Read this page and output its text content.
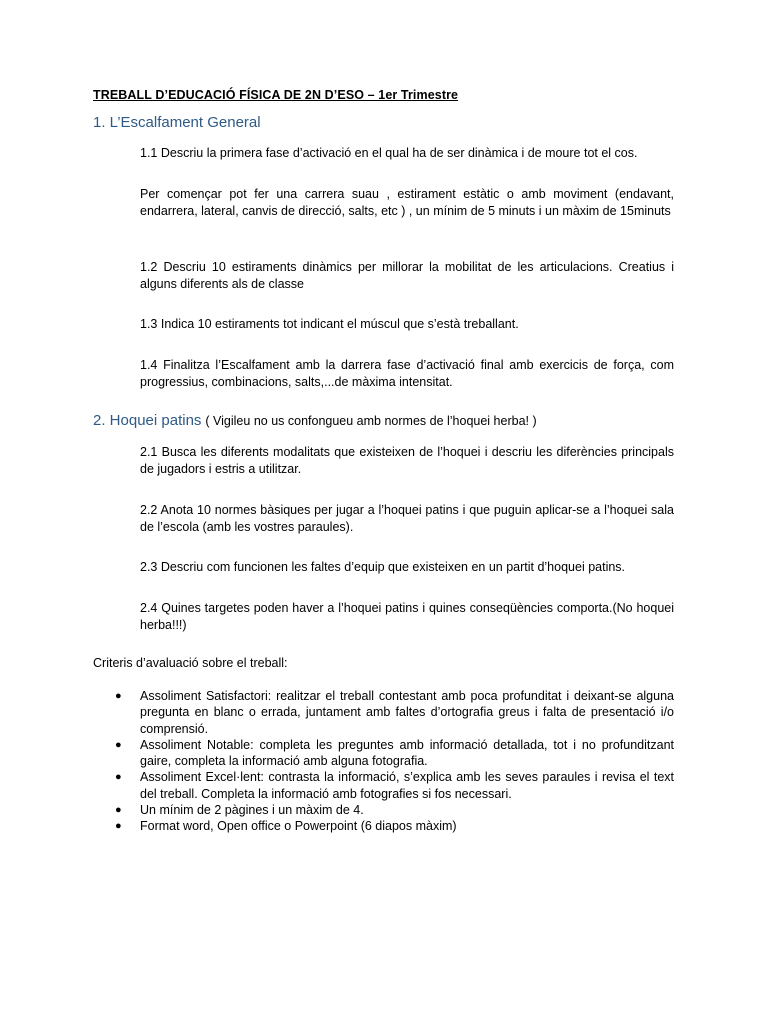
TREBALL D’EDUCACIÓ FÍSICA DE 2N D’ESO – 1er Trimestre
1. L’Escalfament General
1.1 Descriu la primera fase d’activació en el qual ha de ser dinàmica i de moure tot el cos.
Per començar pot fer una carrera suau , estirament estàtic o amb moviment (endavant, endarrera, lateral, canvis de direcció, salts, etc ) , un mínim de 5 minuts i un màxim de 15minuts
1.2 Descriu 10 estiraments dinàmics per millorar la mobilitat de les articulacions. Creatius i alguns diferents als de classe
1.3 Indica 10 estiraments tot indicant el múscul que s’està treballant.
1.4 Finalitza l’Escalfament amb la darrera fase d’activació final amb exercicis de força, com progressius, combinacions, salts,...de màxima intensitat.
2. Hoquei patins ( Vigileu no us confongueu amb normes de l’hoquei herba! )
2.1 Busca les diferents modalitats que existeixen de l’hoquei i descriu les diferències principals de jugadors i estris a utilitzar.
2.2 Anota 10 normes bàsiques per jugar a l’hoquei patins i que puguin aplicar-se a l’hoquei sala de l’escola (amb les vostres paraules).
2.3 Descriu com funcionen les faltes d’equip que existeixen en un partit d’hoquei patins.
2.4 Quines targetes poden haver a l’hoquei patins i quines conseqüències comporta.(No hoquei herba!!!)
Criteris d’avaluació sobre el treball:
● Assoliment Satisfactori: realitzar el treball contestant amb poca profunditat i deixant-se alguna pregunta en blanc o errada, juntament amb faltes d’ortografia greus i falta de presentació i/o comprensió.
● Assoliment Notable: completa les preguntes amb informació detallada, tot i no profunditzant gaire, completa la informació amb alguna fotografia.
● Assoliment Excel·lent: contrasta la informació, s’explica amb les seves paraules i revisa el text del treball. Completa la informació amb fotografies si fos necessari.
● Un mínim de 2 pàgines i un màxim de 4.
● Format word, Open office o Powerpoint (6 diapos màxim)
